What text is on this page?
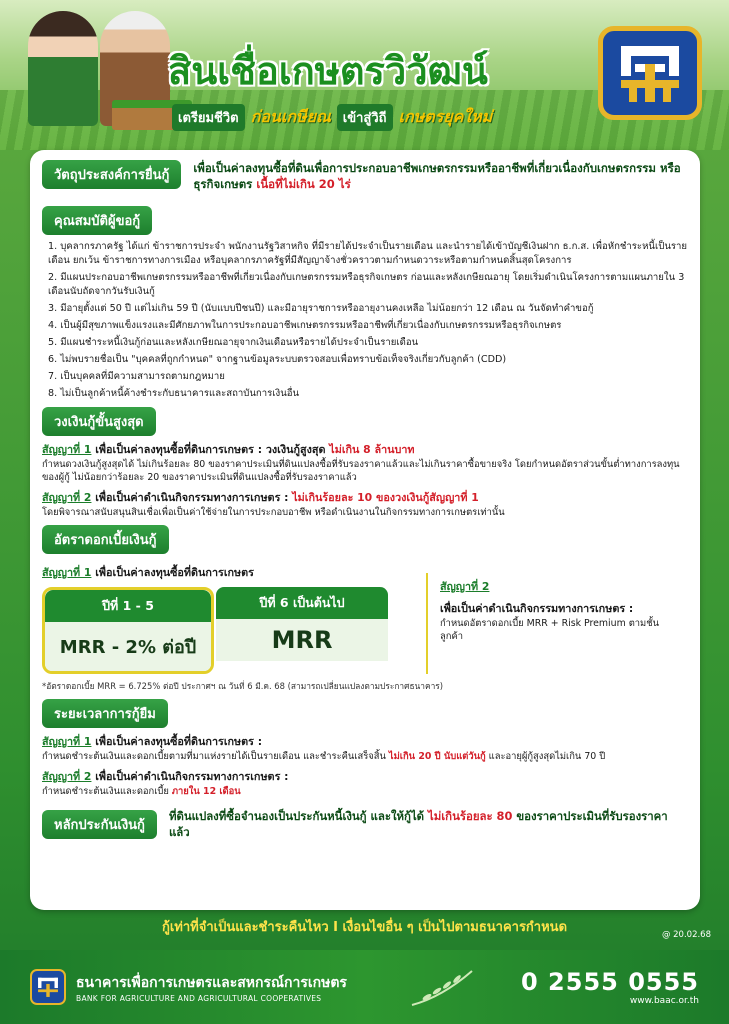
สินเชื่อเกษตรวิวัฒน์
เตรียมชีวิต ก่อนเกษียณ เข้าสู่วิถี เกษตรยุคใหม่
วัตถุประสงค์การยื่นกู้	เพื่อเป็นค่าลงทุนซื้อที่ดินเพื่อการประกอบอาชีพเกษตรกรรมหรืออาชีพที่เกี่ยวเนื่องกับเกษตรกรรม หรือธุรกิจเกษตร เนื้อที่ไม่เกิน 20 ไร่
คุณสมบัติผู้ขอกู้
1. บุคลากรภาครัฐ ได้แก่ ข้าราชการประจำ พนักงานรัฐวิสาหกิจ ที่มีรายได้ประจำเป็นรายเดือน และนำรายได้เข้าบัญชีเงินฝาก ธ.ก.ส. เพื่อหักชำระหนี้เป็นรายเดือน ยกเว้น ข้าราชการทางการเมือง หรือบุคลากรภาครัฐที่มีสัญญาจ้างชั่วคราวตามกำหนดวาระหรือตามกำหนดสิ้นสุดโครงการ
2. มีแผนประกอบอาชีพเกษตรกรรมหรืออาชีพที่เกี่ยวเนื่องกับเกษตรกรรมหรือธุรกิจเกษตร ก่อนและหลังเกษียณอายุ โดยเริ่มดำเนินโครงการตามแผนภายใน 3 เดือนนับถัดจากวันรับเงินกู้
3. มีอายุตั้งแต่ 50 ปี แต่ไม่เกิน 59 ปี (นับแบบปีชนปี) และมีอายุราชการหรืออายุงานคงเหลือ ไม่น้อยกว่า 12 เดือน ณ วันจัดทำคำขอกู้
4. เป็นผู้มีสุขภาพแข็งแรงและมีศักยภาพในการประกอบอาชีพเกษตรกรรมหรืออาชีพที่เกี่ยวเนื่องกับเกษตรกรรมหรือธุรกิจเกษตร
5. มีแผนชำระหนี้เงินกู้ก่อนและหลังเกษียณอายุจากเงินเดือนหรือรายได้ประจำเป็นรายเดือน
6. ไม่พบรายชื่อเป็น "บุคคลที่ถูกกำหนด" จากฐานข้อมูลระบบตรวจสอบเพื่อทราบข้อเท็จจริงเกี่ยวกับลูกค้า (CDD)
7. เป็นบุคคลที่มีความสามารถตามกฎหมาย
8. ไม่เป็นลูกค้าหนี้ค้างชำระกับธนาคารและสถาบันการเงินอื่น
วงเงินกู้ขั้นสูงสุด
สัญญาที่ 1 เพื่อเป็นค่าลงทุนซื้อที่ดินการเกษตร : วงเงินกู้สูงสุด ไม่เกิน 8 ล้านบาท
กำหนดวงเงินกู้สูงสุดได้ ไม่เกินร้อยละ 80 ของราคาประเมินที่ดินแปลงซื้อที่รับรองราคาแล้วและไม่เกินราคาซื้อขายจริง โดยกำหนดอัตราส่วนขั้นต่ำทางการลงทุนของผู้กู้ ไม่น้อยกว่าร้อยละ 20 ของราคาประเมินที่ดินแปลงซื้อที่รับรองราคาแล้ว
สัญญาที่ 2 เพื่อเป็นค่าดำเนินกิจกรรมทางการเกษตร : ไม่เกินร้อยละ 10 ของวงเงินกู้สัญญาที่ 1
โดยพิจารณาสนับสนุนสินเชื่อเพื่อเป็นค่าใช้จ่ายในการประกอบอาชีพ หรือดำเนินงานในกิจกรรมทางการเกษตรเท่านั้น
อัตราดอกเบี้ยเงินกู้
สัญญาที่ 1 เพื่อเป็นค่าลงทุนซื้อที่ดินการเกษตร
ปีที่ 1 - 5
MRR - 2% ต่อปี
ปีที่ 6 เป็นต้นไป
MRR
สัญญาที่ 2
เพื่อเป็นค่าดำเนินกิจกรรมทางการเกษตร :
กำหนดอัตราดอกเบี้ย MRR + Risk Premium ตามชั้นลูกค้า
*อัตราดอกเบี้ย MRR = 6.725% ต่อปี ประกาศฯ ณ วันที่ 6 มี.ค. 68 (สามารถเปลี่ยนแปลงตามประกาศธนาคาร)
ระยะเวลาการกู้ยืม
สัญญาที่ 1 เพื่อเป็นค่าลงทุนซื้อที่ดินการเกษตร :
กำหนดชำระต้นเงินและดอกเบี้ยตามที่มาแห่งรายได้เป็นรายเดือน และชำระคืนเสร็จสิ้น ไม่เกิน 20 ปี นับแต่วันกู้ และอายุผู้กู้สูงสุดไม่เกิน 70 ปี
สัญญาที่ 2 เพื่อเป็นค่าดำเนินกิจกรรมทางการเกษตร :
กำหนดชำระต้นเงินและดอกเบี้ย ภายใน 12 เดือน
หลักประกันเงินกู้
ที่ดินแปลงที่ซื้อจำนองเป็นประกันหนี้เงินกู้ และให้กู้ได้ ไม่เกินร้อยละ 80 ของราคาประเมินที่รับรองราคาแล้ว
กู้เท่าที่จำเป็นและชำระคืนไหว I เงื่อนไขอื่น ๆ เป็นไปตามธนาคารกำหนด	@ 20.02.68
ธนาคารเพื่อการเกษตรและสหกรณ์การเกษตร
BANK FOR AGRICULTURE AND AGRICULTURAL COOPERATIVES
0 2555 0555
www.baac.or.th
